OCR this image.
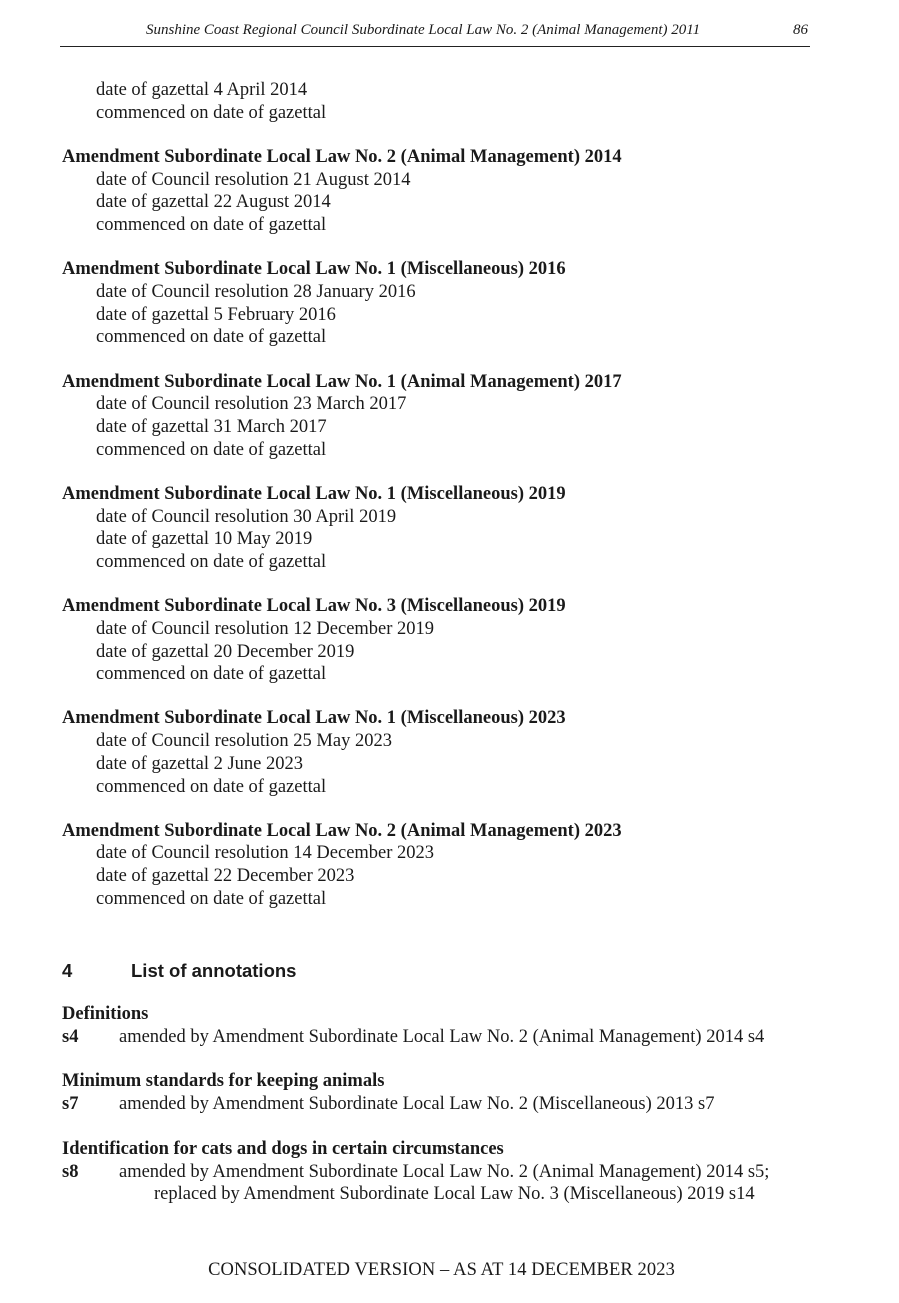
Sunshine Coast Regional Council Subordinate Local Law No. 2 (Animal Management) 2011	86
date of gazettal 4 April 2014
commenced on date of gazettal
Amendment Subordinate Local Law No. 2 (Animal Management) 2014
date of Council resolution 21 August 2014
date of gazettal 22 August 2014
commenced on date of gazettal
Amendment Subordinate Local Law No. 1 (Miscellaneous) 2016
date of Council resolution 28 January 2016
date of gazettal 5 February 2016
commenced on date of gazettal
Amendment Subordinate Local Law No. 1 (Animal Management) 2017
date of Council resolution 23 March 2017
date of gazettal 31 March 2017
commenced on date of gazettal
Amendment Subordinate Local Law No. 1 (Miscellaneous) 2019
date of Council resolution 30 April 2019
date of gazettal 10 May 2019
commenced on date of gazettal
Amendment Subordinate Local Law No. 3 (Miscellaneous) 2019
date of Council resolution 12 December 2019
date of gazettal 20 December 2019
commenced on date of gazettal
Amendment Subordinate Local Law No. 1 (Miscellaneous) 2023
date of Council resolution 25 May 2023
date of gazettal 2 June 2023
commenced on date of gazettal
Amendment Subordinate Local Law No. 2 (Animal Management) 2023
date of Council resolution 14 December 2023
date of gazettal 22 December 2023
commenced on date of gazettal
4	List of annotations
Definitions
s4	amended by Amendment Subordinate Local Law No. 2 (Animal Management) 2014 s4
Minimum standards for keeping animals
s7	amended by Amendment Subordinate Local Law No. 2 (Miscellaneous) 2013 s7
Identification for cats and dogs in certain circumstances
s8	amended by Amendment Subordinate Local Law No. 2 (Animal Management) 2014 s5;
replaced by Amendment Subordinate Local Law No. 3 (Miscellaneous) 2019 s14
CONSOLIDATED VERSION – AS AT 14 DECEMBER 2023
